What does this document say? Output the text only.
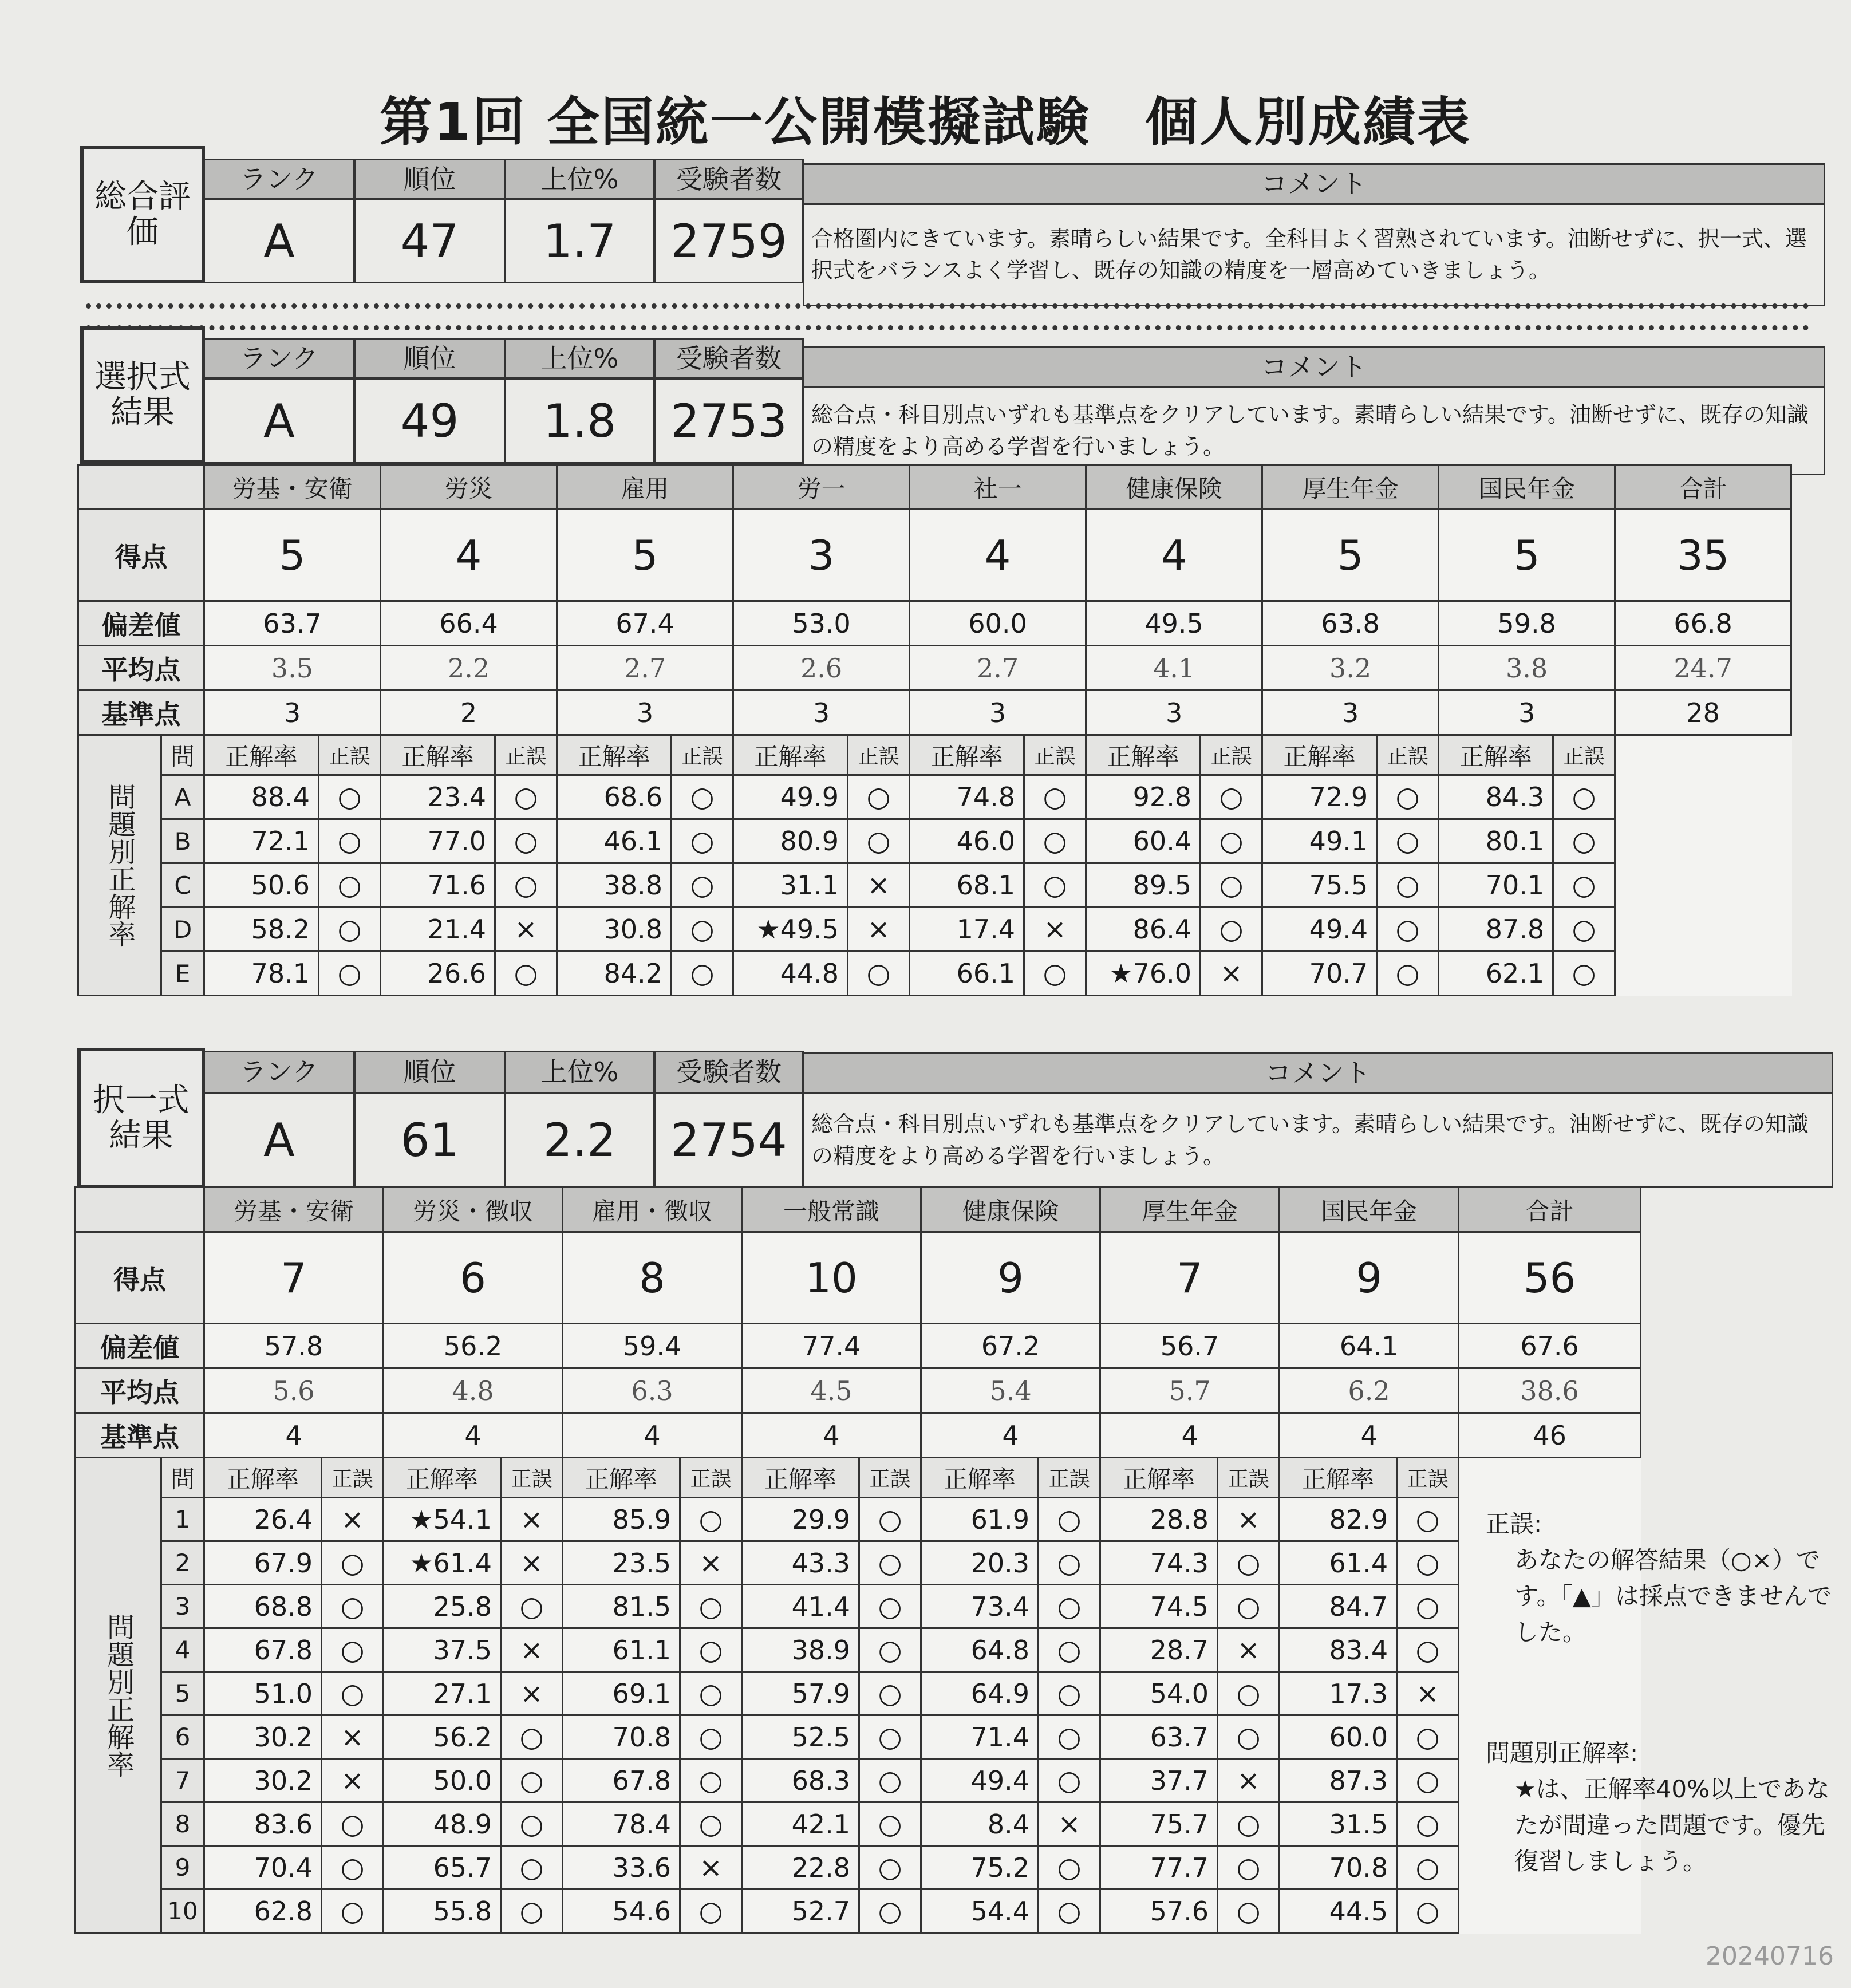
第1回 全国統一公開模擬試験　個人別成績表
総合評価
ランク	順位	上位%	受験者数	コメント
A	47	1.7	2759	合格圏内にきています。素晴らしい結果です。全科目よく習熟されています。油断せずに、択一式、選択式をバランスよく学習し、既存の知識の精度を一層高めていきましょう。
選択式結果
ランク	順位	上位%	受験者数	コメント
A	49	1.8	2753	総合点・科目別点いずれも基準点をクリアしています。素晴らしい結果です。油断せずに、既存の知識の精度をより高める学習を行いましょう。
		労基・安衛		労災		雇用		労一		社一		健康保険		厚生年金		国民年金		合計
得点		5		4		5		3		4		4		5		5		35
偏差値		63.7		66.4		67.4		53.0		60.0		49.5		63.8		59.8		66.8
平均点		3.5		2.2		2.7		2.6		2.7		4.1		3.2		3.8		24.7
基準点		3		2		3		3		3		3		3		3		28
問題別正解率	問	正解率	正誤	正解率	正誤	正解率	正誤	正解率	正誤	正解率	正誤	正解率	正誤	正解率	正誤	正解率	正誤	
	A	88.4	○	23.4	○	68.6	○	49.9	○	74.8	○	92.8	○	72.9	○	84.3	○	
	B	72.1	○	77.0	○	46.1	○	80.9	○	46.0	○	60.4	○	49.1	○	80.1	○	
	C	50.6	○	71.6	○	38.8	○	31.1	×	68.1	○	89.5	○	75.5	○	70.1	○	
	D	58.2	○	21.4	×	30.8	○	★49.5	×	17.4	×	86.4	○	49.4	○	87.8	○	
	E	78.1	○	26.6	○	84.2	○	44.8	○	66.1	○	★76.0	×	70.7	○	62.1	○	
択一式結果
ランク	順位	上位%	受験者数	コメント
A	61	2.2	2754	総合点・科目別点いずれも基準点をクリアしています。素晴らしい結果です。油断せずに、既存の知識の精度をより高める学習を行いましょう。
		労基・安衛		労災・徴収		雇用・徴収		一般常識		健康保険		厚生年金		国民年金		合計
得点		7		6		8		10		9		7		9		56
偏差値		57.8		56.2		59.4		77.4		67.2		56.7		64.1		67.6
平均点		5.6		4.8		6.3		4.5		5.4		5.7		6.2		38.6
基準点		4		4		4		4		4		4		4		46
問題別正解率	問	正解率	正誤	正解率	正誤	正解率	正誤	正解率	正誤	正解率	正誤	正解率	正誤	正解率	正誤	
	1	26.4	×	★54.1	×	85.9	○	29.9	○	61.9	○	28.8	×	82.9	○	
	2	67.9	○	★61.4	×	23.5	×	43.3	○	20.3	○	74.3	○	61.4	○	
	3	68.8	○	25.8	○	81.5	○	41.4	○	73.4	○	74.5	○	84.7	○	
	4	67.8	○	37.5	×	61.1	○	38.9	○	64.8	○	28.7	×	83.4	○	
	5	51.0	○	27.1	×	69.1	○	57.9	○	64.9	○	54.0	○	17.3	×	
	6	30.2	×	56.2	○	70.8	○	52.5	○	71.4	○	63.7	○	60.0	○	
	7	30.2	×	50.0	○	67.8	○	68.3	○	49.4	○	37.7	×	87.3	○	
	8	83.6	○	48.9	○	78.4	○	42.1	○	8.4	×	75.7	○	31.5	○	
	9	70.4	○	65.7	○	33.6	×	22.8	○	75.2	○	77.7	○	70.8	○	
	10	62.8	○	55.8	○	54.6	○	52.7	○	54.4	○	57.6	○	44.5	○	
正誤:
あなたの解答結果（○×）です。「▲」は採点できませんでした。
問題別正解率:
★は、正解率40%以上であなたが間違った問題です。優先復習しましょう。
20240716
